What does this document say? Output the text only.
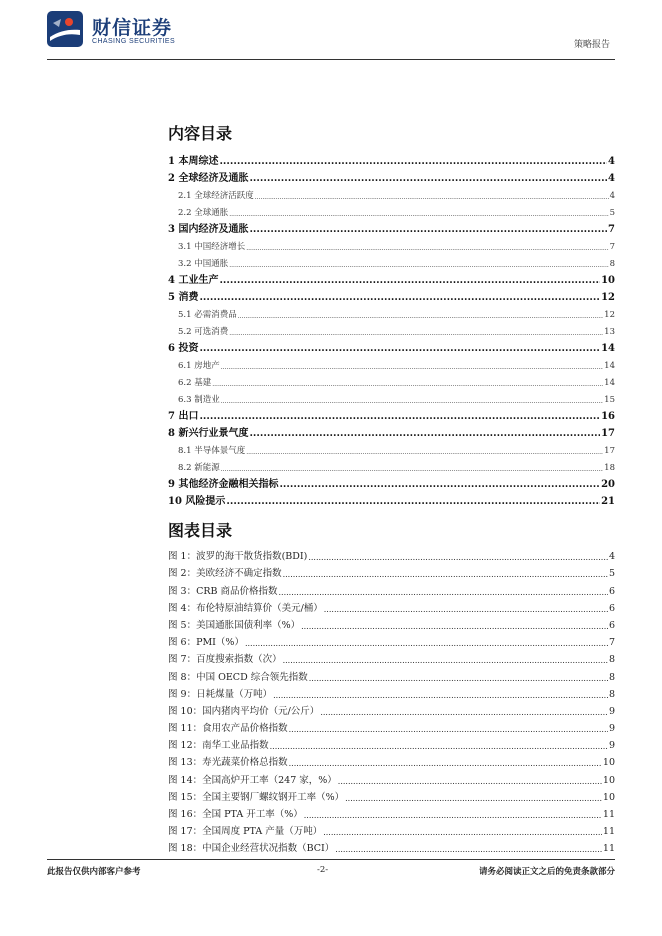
财信证券
CHASING SECURITIES	策略报告
内容目录
1 本周综述 .....	4
2 全球经济及通胀 .....	4
2.1 全球经济活跃度 .....	4
2.2 全球通胀 .....	5
3 国内经济及通胀 .....	7
3.1 中国经济增长 .....	7
3.2 中国通胀 .....	8
4 工业生产 .....	10
5 消费 .....	12
5.1 必需消费品 .....	12
5.2 可选消费 .....	13
6 投资 .....	14
6.1 房地产 .....	14
6.2 基建 .....	14
6.3 制造业 .....	15
7 出口 .....	16
8 新兴行业景气度 .....	17
8.1 半导体景气度 .....	17
8.2 新能源 .....	18
9 其他经济金融相关指标 .....	20
10 风险提示 .....	21
图表目录
图 1：波罗的海干散货指数(BDI) .....	4
图 2：美欧经济不确定指数 .....	5
图 3：CRB 商品价格指数 .....	6
图 4：布伦特原油结算价（美元/桶） .....	6
图 5：美国通胀国债利率（%） .....	6
图 6：PMI（%） .....	7
图 7：百度搜索指数（次） .....	8
图 8：中国 OECD 综合领先指数 .....	8
图 9：日耗煤量（万吨） .....	8
图 10：国内猪肉平均价（元/公斤） .....	9
图 11：食用农产品价格指数 .....	9
图 12：南华工业品指数 .....	9
图 13：寿光蔬菜价格总指数 .....	10
图 14：全国高炉开工率（247 家，%） .....	10
图 15：全国主要钢厂螺纹钢开工率（%） .....	10
图 16：全国 PTA 开工率（%） .....	11
图 17：全国周度 PTA 产量（万吨） .....	11
图 18：中国企业经营状况指数（BCI） .....	11
此报告仅供内部客户参考	-2-	请务必阅读正文之后的免责条款部分
